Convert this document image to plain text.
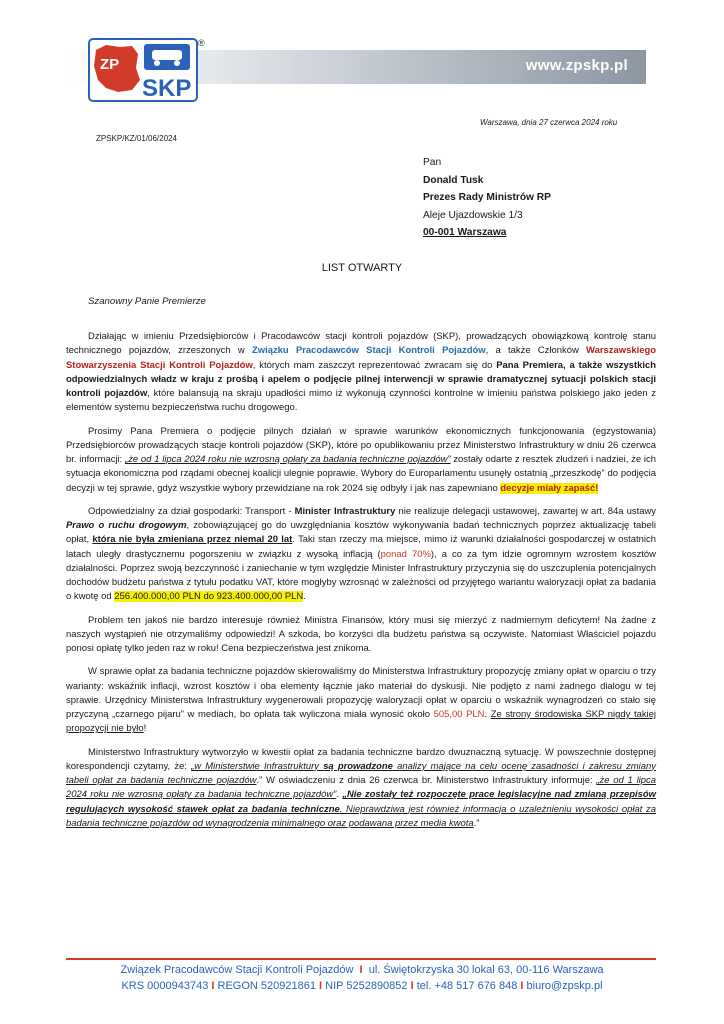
www.zpskp.pl
ZP
SKP
®
Warszawa, dnia 27 czerwca 2024 roku
ZPSKP/KZ/01/06/2024
Pan
Donald Tusk
Prezes Rady Ministrów RP
Aleje Ujazdowskie 1/3
00-001 Warszawa
LIST OTWARTY
Szanowny Panie Premierze

Działając w imieniu Przedsiębiorców i Pracodawców stacji kontroli pojazdów (SKP), prowadzących obowiązkową kontrolę stanu technicznego pojazdów, zrzeszonych w Związku Pracodawców Stacji Kontroli Pojazdów, a także Członków Warszawskiego Stowarzyszenia Stacji Kontroli Pojazdów, których mam zaszczyt reprezentować zwracam się do Pana Premiera, a także wszystkich odpowiedzialnych władz w kraju z prośbą i apelem o podjęcie pilnej interwencji w sprawie dramatycznej sytuacji polskich stacji kontroli pojazdów, które balansują na skraju upadłości mimo iż wykonują czynności kontrolne w imieniu państwa polskiego jako jeden z elementów systemu bezpieczeństwa ruchu drogowego.

Prosimy Pana Premiera o podjęcie pilnych działań w sprawie warunków ekonomicznych funkcjonowania (egzystowania) Przedsiębiorców prowadzących stacje kontroli pojazdów (SKP), które po opublikowaniu przez Ministerstwo Infrastruktury w dniu 26 czerwca br. informacji: „że od 1 lipca 2024 roku nie wzrosną opłaty za badania techniczne pojazdów” zostały odarte z resztek złudzeń i nadziei, że ich sytuacja ekonomiczna pod rządami obecnej koalicji ulegnie poprawie. Wybory do Europarlamentu usunęły ostatnią „przeszkodę” do podjęcia decyzji w tej sprawie, gdyż wszystkie wybory przewidziane na rok 2024 się odbyły i jak nas zapewniano decyzje miały zapaść!

Odpowiedzialny za dział gospodarki: Transport - Minister Infrastruktury nie realizuje delegacji ustawowej, zawartej w art. 84a ustawy Prawo o ruchu drogowym, zobowiązującej go do uwzględniania kosztów wykonywania badań technicznych poprzez aktualizację tabeli opłat, która nie była zmieniana przez niemal 20 lat. Taki stan rzeczy ma miejsce, mimo iż warunki działalności gospodarczej w ostatnich latach uległy drastycznemu pogorszeniu w związku z wysoką inflacją (ponad 70%), a co za tym idzie ogromnym wzrostem kosztów działalności. Poprzez swoją bezczynność i zaniechanie w tym względzie Minister Infrastruktury przyczynia się do uszczuplenia potencjalnych dochodów budżetu państwa z tytułu podatku VAT, które mogłyby wzrosnąć w zależności od przyjętego wariantu waloryzacji opłat za badania o kwotę od 256.400.000,00 PLN do 923.400.000,00 PLN.

Problem ten jakoś nie bardzo interesuje również Ministra Finansów, który musi się mierzyć z nadmiernym deficytem! Na żadne z naszych wystąpień nie otrzymaliśmy odpowiedzi! A szkoda, bo korzyści dla budżetu państwa są oczywiste. Natomiast Właściciel pojazdu ponosi opłatę tylko jeden raz w roku! Cena bezpieczeństwa jest znikoma.

W sprawie opłat za badania techniczne pojazdów skierowaliśmy do Ministerstwa Infrastruktury propozycję zmiany opłat w oparciu o trzy warianty: wskaźnik inflacji, wzrost kosztów i oba elementy łącznie jako materiał do dyskusji. Nie podjęto z nami żadnego dialogu w tej sprawie. Urzędnicy Ministerstwa Infrastruktury wygenerowali propozycję waloryzacji opłat w oparciu o wskaźnik wynagrodzeń co stało się przyczyną „czarnego pijaru” w mediach, bo opłata tak wyliczona miała wynosić około 505,00 PLN. Ze strony środowiska SKP nigdy takiej propozycji nie było!

Ministerstwo Infrastruktury wytworzyło w kwestii opłat za badania techniczne bardzo dwuznaczną sytuację. W powszechnie dostępnej korespondencji czytamy, że: „w Ministerstwie Infrastruktury są prowadzone analizy mające na celu ocenę zasadności i zakresu zmiany tabeli opłat za badania techniczne pojazdów.” W oświadczeniu z dnia 26 czerwca br. Ministerstwo Infrastruktury informuje: „że od 1 lipca 2024 roku nie wzrosną opłaty za badania techniczne pojazdów”. „Nie zostały też rozpoczęte prace legislacyjne nad zmianą przepisów regulujących wysokość stawek opłat za badania techniczne. Nieprawdziwa jest również informacja o uzależnieniu wysokości opłat za badania techniczne pojazdów od wynagrodzenia minimalnego oraz podawana przez media kwota.”

Związek Pracodawców Stacji Kontroli Pojazdów I ul. Świętokrzyska 30 lokal 63, 00-116 Warszawa
KRS 0000943743 I REGON 520921861 I NIP 5252890852 I tel. +48 517 676 848 I biuro@zpskp.pl
